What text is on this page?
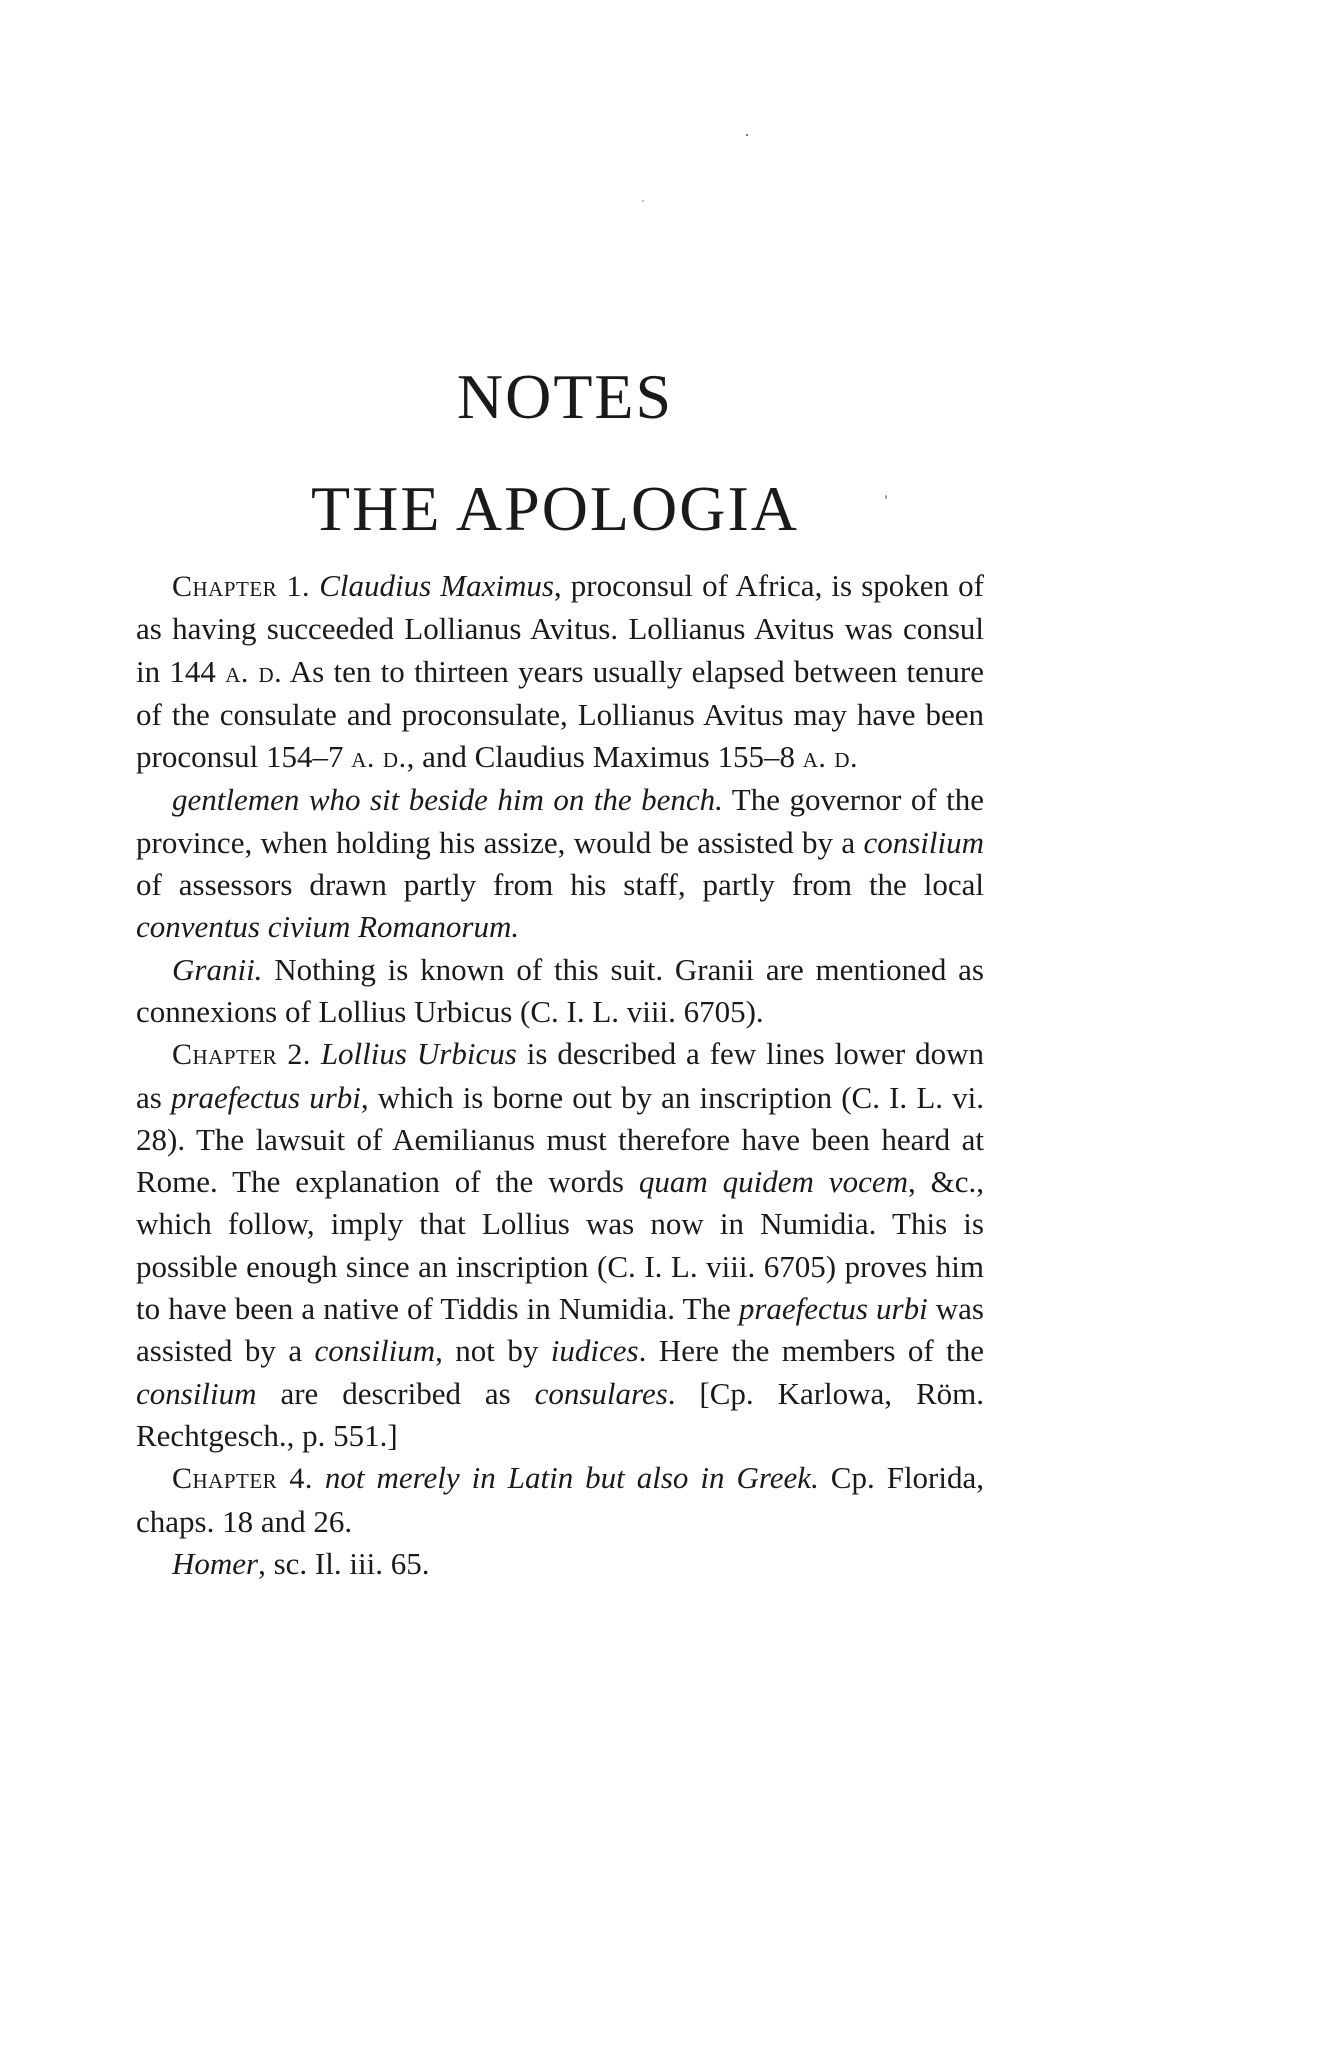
NOTES
THE APOLOGIA

Chapter 1. Claudius Maximus, proconsul of Africa, is spoken of as having succeeded Lollianus Avitus. Lollianus Avitus was consul in 144 a. d. As ten to thirteen years usually elapsed between tenure of the consulate and proconsulate, Lollianus Avitus may have been proconsul 154–7 a. d., and Claudius Maximus 155–8 a. d.

gentlemen who sit beside him on the bench. The governor of the province, when holding his assize, would be assisted by a consilium of assessors drawn partly from his staff, partly from the local conventus civium Romanorum.

Granii. Nothing is known of this suit. Granii are mentioned as connexions of Lollius Urbicus (C. I. L. viii. 6705).

Chapter 2. Lollius Urbicus is described a few lines lower down as praefectus urbi, which is borne out by an inscription (C. I. L. vi. 28). The lawsuit of Aemilianus must therefore have been heard at Rome. The explanation of the words quam quidem vocem, &c., which follow, imply that Lollius was now in Numidia. This is possible enough since an inscription (C. I. L. viii. 6705) proves him to have been a native of Tiddis in Numidia. The praefectus urbi was assisted by a consilium, not by iudices. Here the members of the consilium are described as consulares. [Cp. Karlowa, Röm. Rechtgesch., p. 551.]

Chapter 4. not merely in Latin but also in Greek. Cp. Florida, chaps. 18 and 26.

Homer, sc. Il. iii. 65.
